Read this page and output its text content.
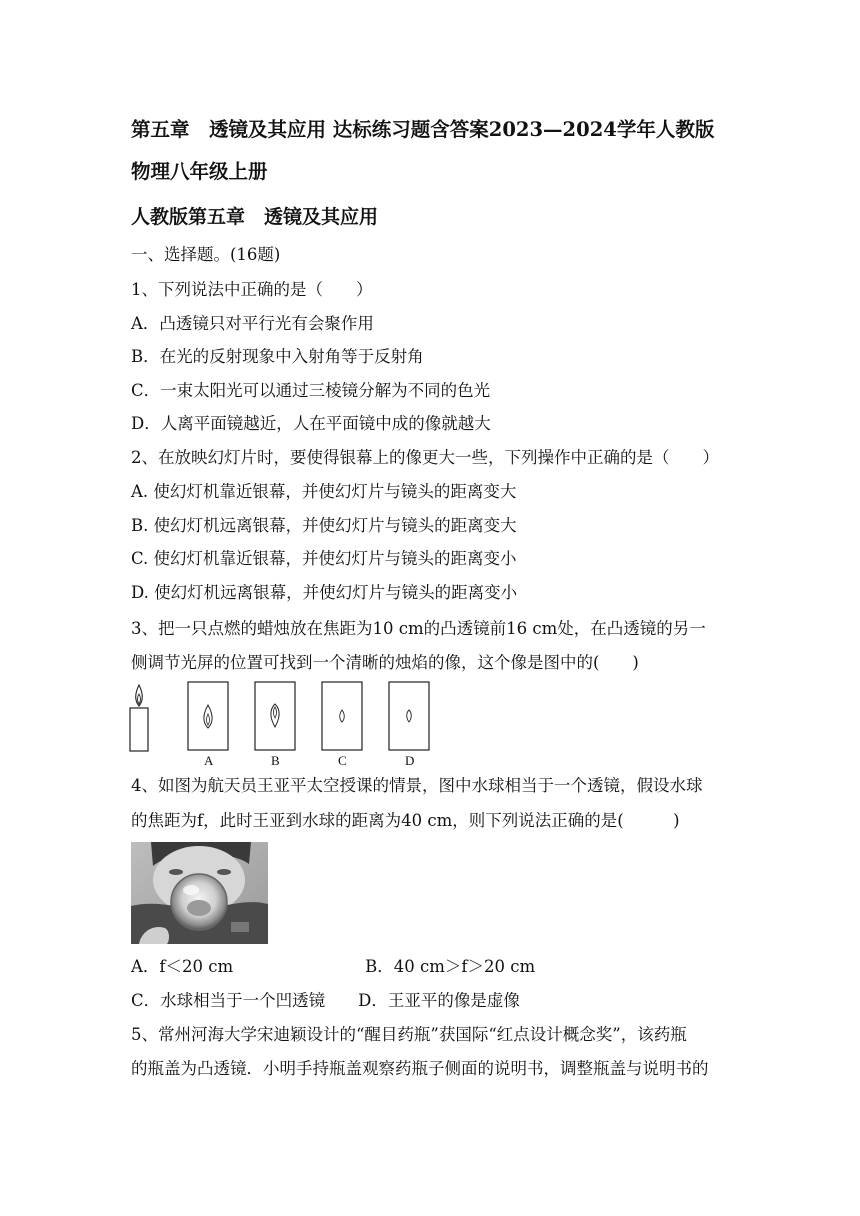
第五章　透镜及其应用 达标练习题含答案2023—2024学年人教版
物理八年级上册
人教版第五章　透镜及其应用
一、选择题。(16题)
1、下列说法中正确的是（　　）
A．凸透镜只对平行光有会聚作用
B．在光的反射现象中入射角等于反射角
C．一束太阳光可以通过三棱镜分解为不同的色光
D．人离平面镜越近，人在平面镜中成的像就越大
2、在放映幻灯片时，要使得银幕上的像更大一些，下列操作中正确的是（　　）
A. 使幻灯机靠近银幕，并使幻灯片与镜头的距离变大
B. 使幻灯机远离银幕，并使幻灯片与镜头的距离变大
C. 使幻灯机靠近银幕，并使幻灯片与镜头的距离变小
D. 使幻灯机远离银幕，并使幻灯片与镜头的距离变小
3、把一只点燃的蜡烛放在焦距为10 cm的凸透镜前16 cm处，在凸透镜的另一
侧调节光屏的位置可找到一个清晰的烛焰的像，这个像是图中的(　　)
A	B	C	D
4、如图为航天员王亚平太空授课的情景，图中水球相当于一个透镜，假设水球
的焦距为f，此时王亚到水球的距离为40 cm，则下列说法正确的是(　　　)
A．f＜20 cm　　　　　　　　B．40 cm＞f＞20 cm
C．水球相当于一个凹透镜　　D．王亚平的像是虚像
5、常州河海大学宋迪颖设计的“醒目药瓶”获国际“红点设计概念奖”，该药瓶
的瓶盖为凸透镜．小明手持瓶盖观察药瓶子侧面的说明书，调整瓶盖与说明书的
